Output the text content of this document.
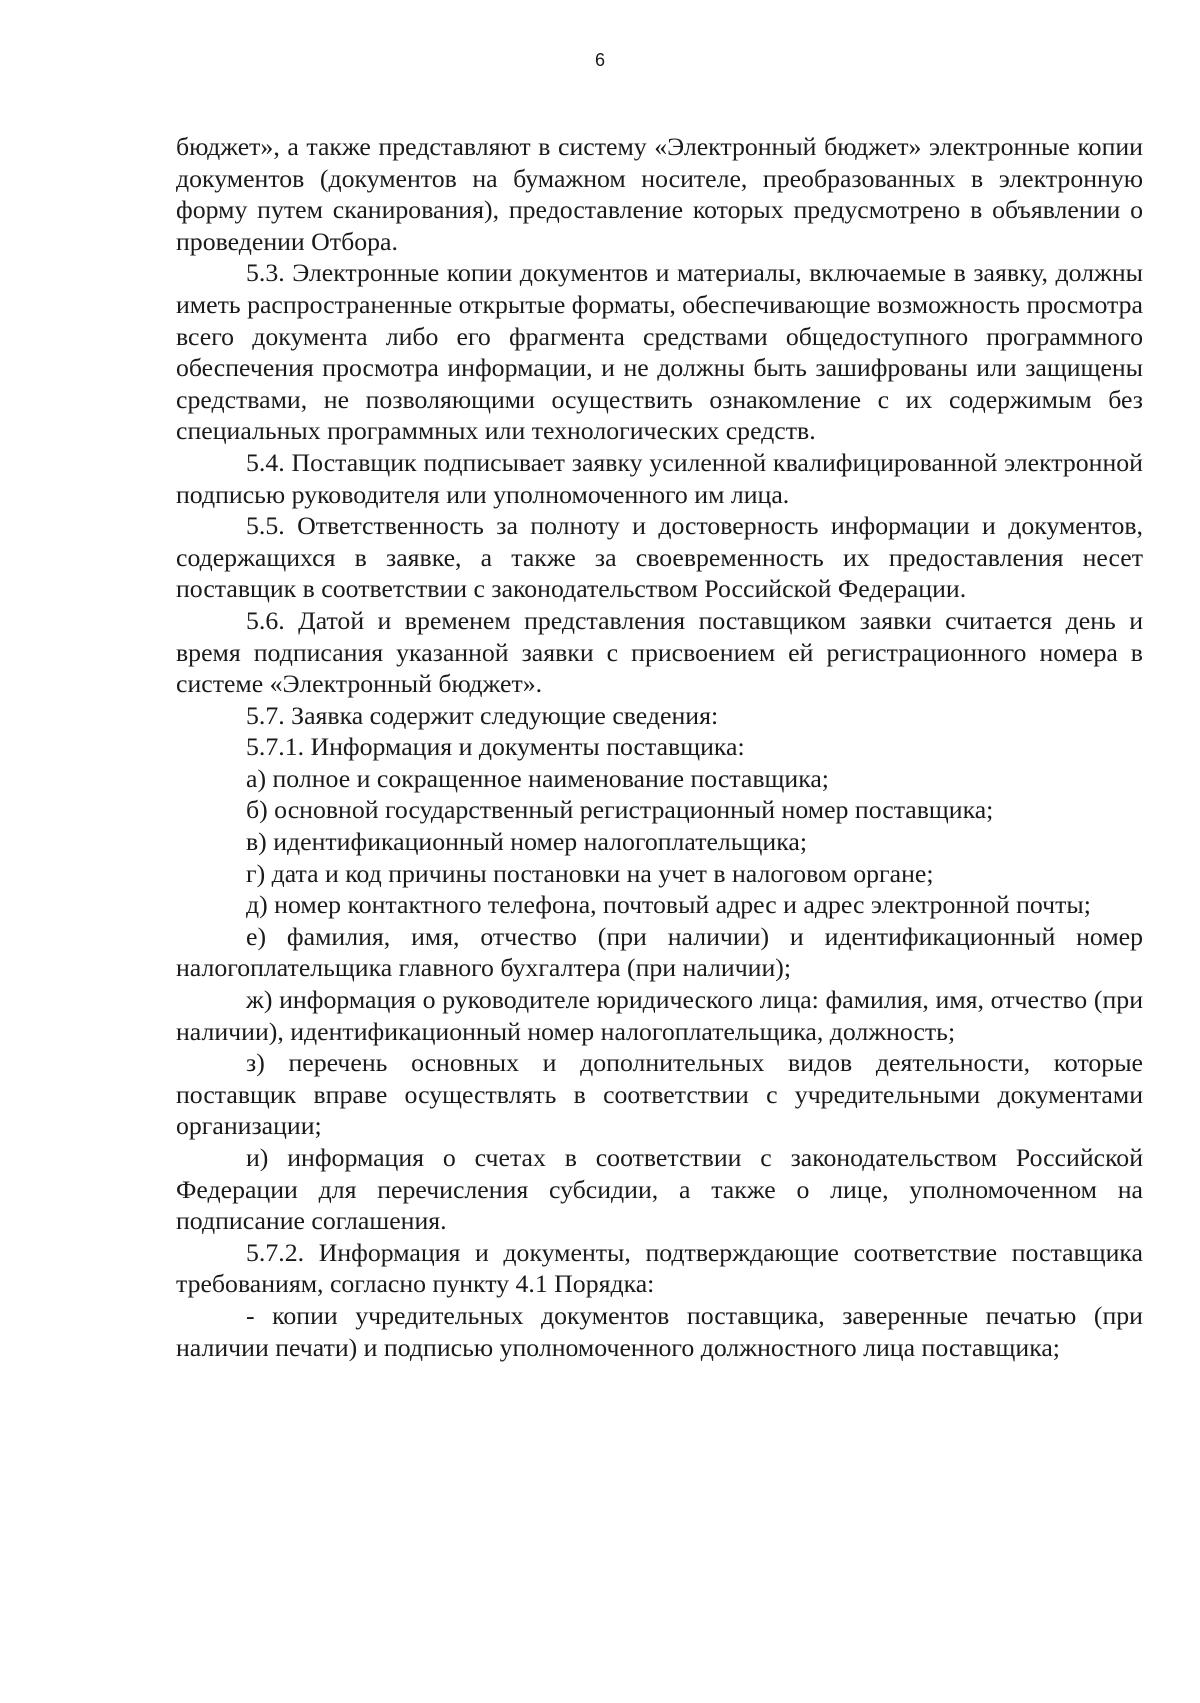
6

бюджет», а также представляют в систему «Электронный бюджет» электронные копии документов (документов на бумажном носителе, преобразованных в электронную форму путем сканирования), предоставление которых предусмотрено в объявлении о проведении Отбора.

5.3. Электронные копии документов и материалы, включаемые в заявку, должны иметь распространенные открытые форматы, обеспечивающие возможность просмотра всего документа либо его фрагмента средствами общедоступного программного обеспечения просмотра информации, и не должны быть зашифрованы или защищены средствами, не позволяющими осуществить ознакомление с их содержимым без специальных программных или технологических средств.

5.4. Поставщик подписывает заявку усиленной квалифицированной электронной подписью руководителя или уполномоченного им лица.

5.5. Ответственность за полноту и достоверность информации и документов, содержащихся в заявке, а также за своевременность их предоставления несет поставщик в соответствии с законодательством Российской Федерации.

5.6. Датой и временем представления поставщиком заявки считается день и время подписания указанной заявки с присвоением ей регистрационного номера в системе «Электронный бюджет».

5.7. Заявка содержит следующие сведения:

5.7.1. Информация и документы поставщика:

а) полное и сокращенное наименование поставщика;

б) основной государственный регистрационный номер поставщика;

в) идентификационный номер налогоплательщика;

г) дата и код причины постановки на учет в налоговом органе;

д) номер контактного телефона, почтовый адрес и адрес электронной почты;

е) фамилия, имя, отчество (при наличии) и идентификационный номер налогоплательщика главного бухгалтера (при наличии);

ж) информация о руководителе юридического лица: фамилия, имя, отчество (при наличии), идентификационный номер налогоплательщика, должность;

з) перечень основных и дополнительных видов деятельности, которые поставщик вправе осуществлять в соответствии с учредительными документами организации;

и) информация о счетах в соответствии с законодательством Российской Федерации для перечисления субсидии, а также о лице, уполномоченном на подписание соглашения.

5.7.2. Информация и документы, подтверждающие соответствие поставщика требованиям, согласно пункту 4.1 Порядка:

- копии учредительных документов поставщика, заверенные печатью (при наличии печати) и подписью уполномоченного должностного лица поставщика;
